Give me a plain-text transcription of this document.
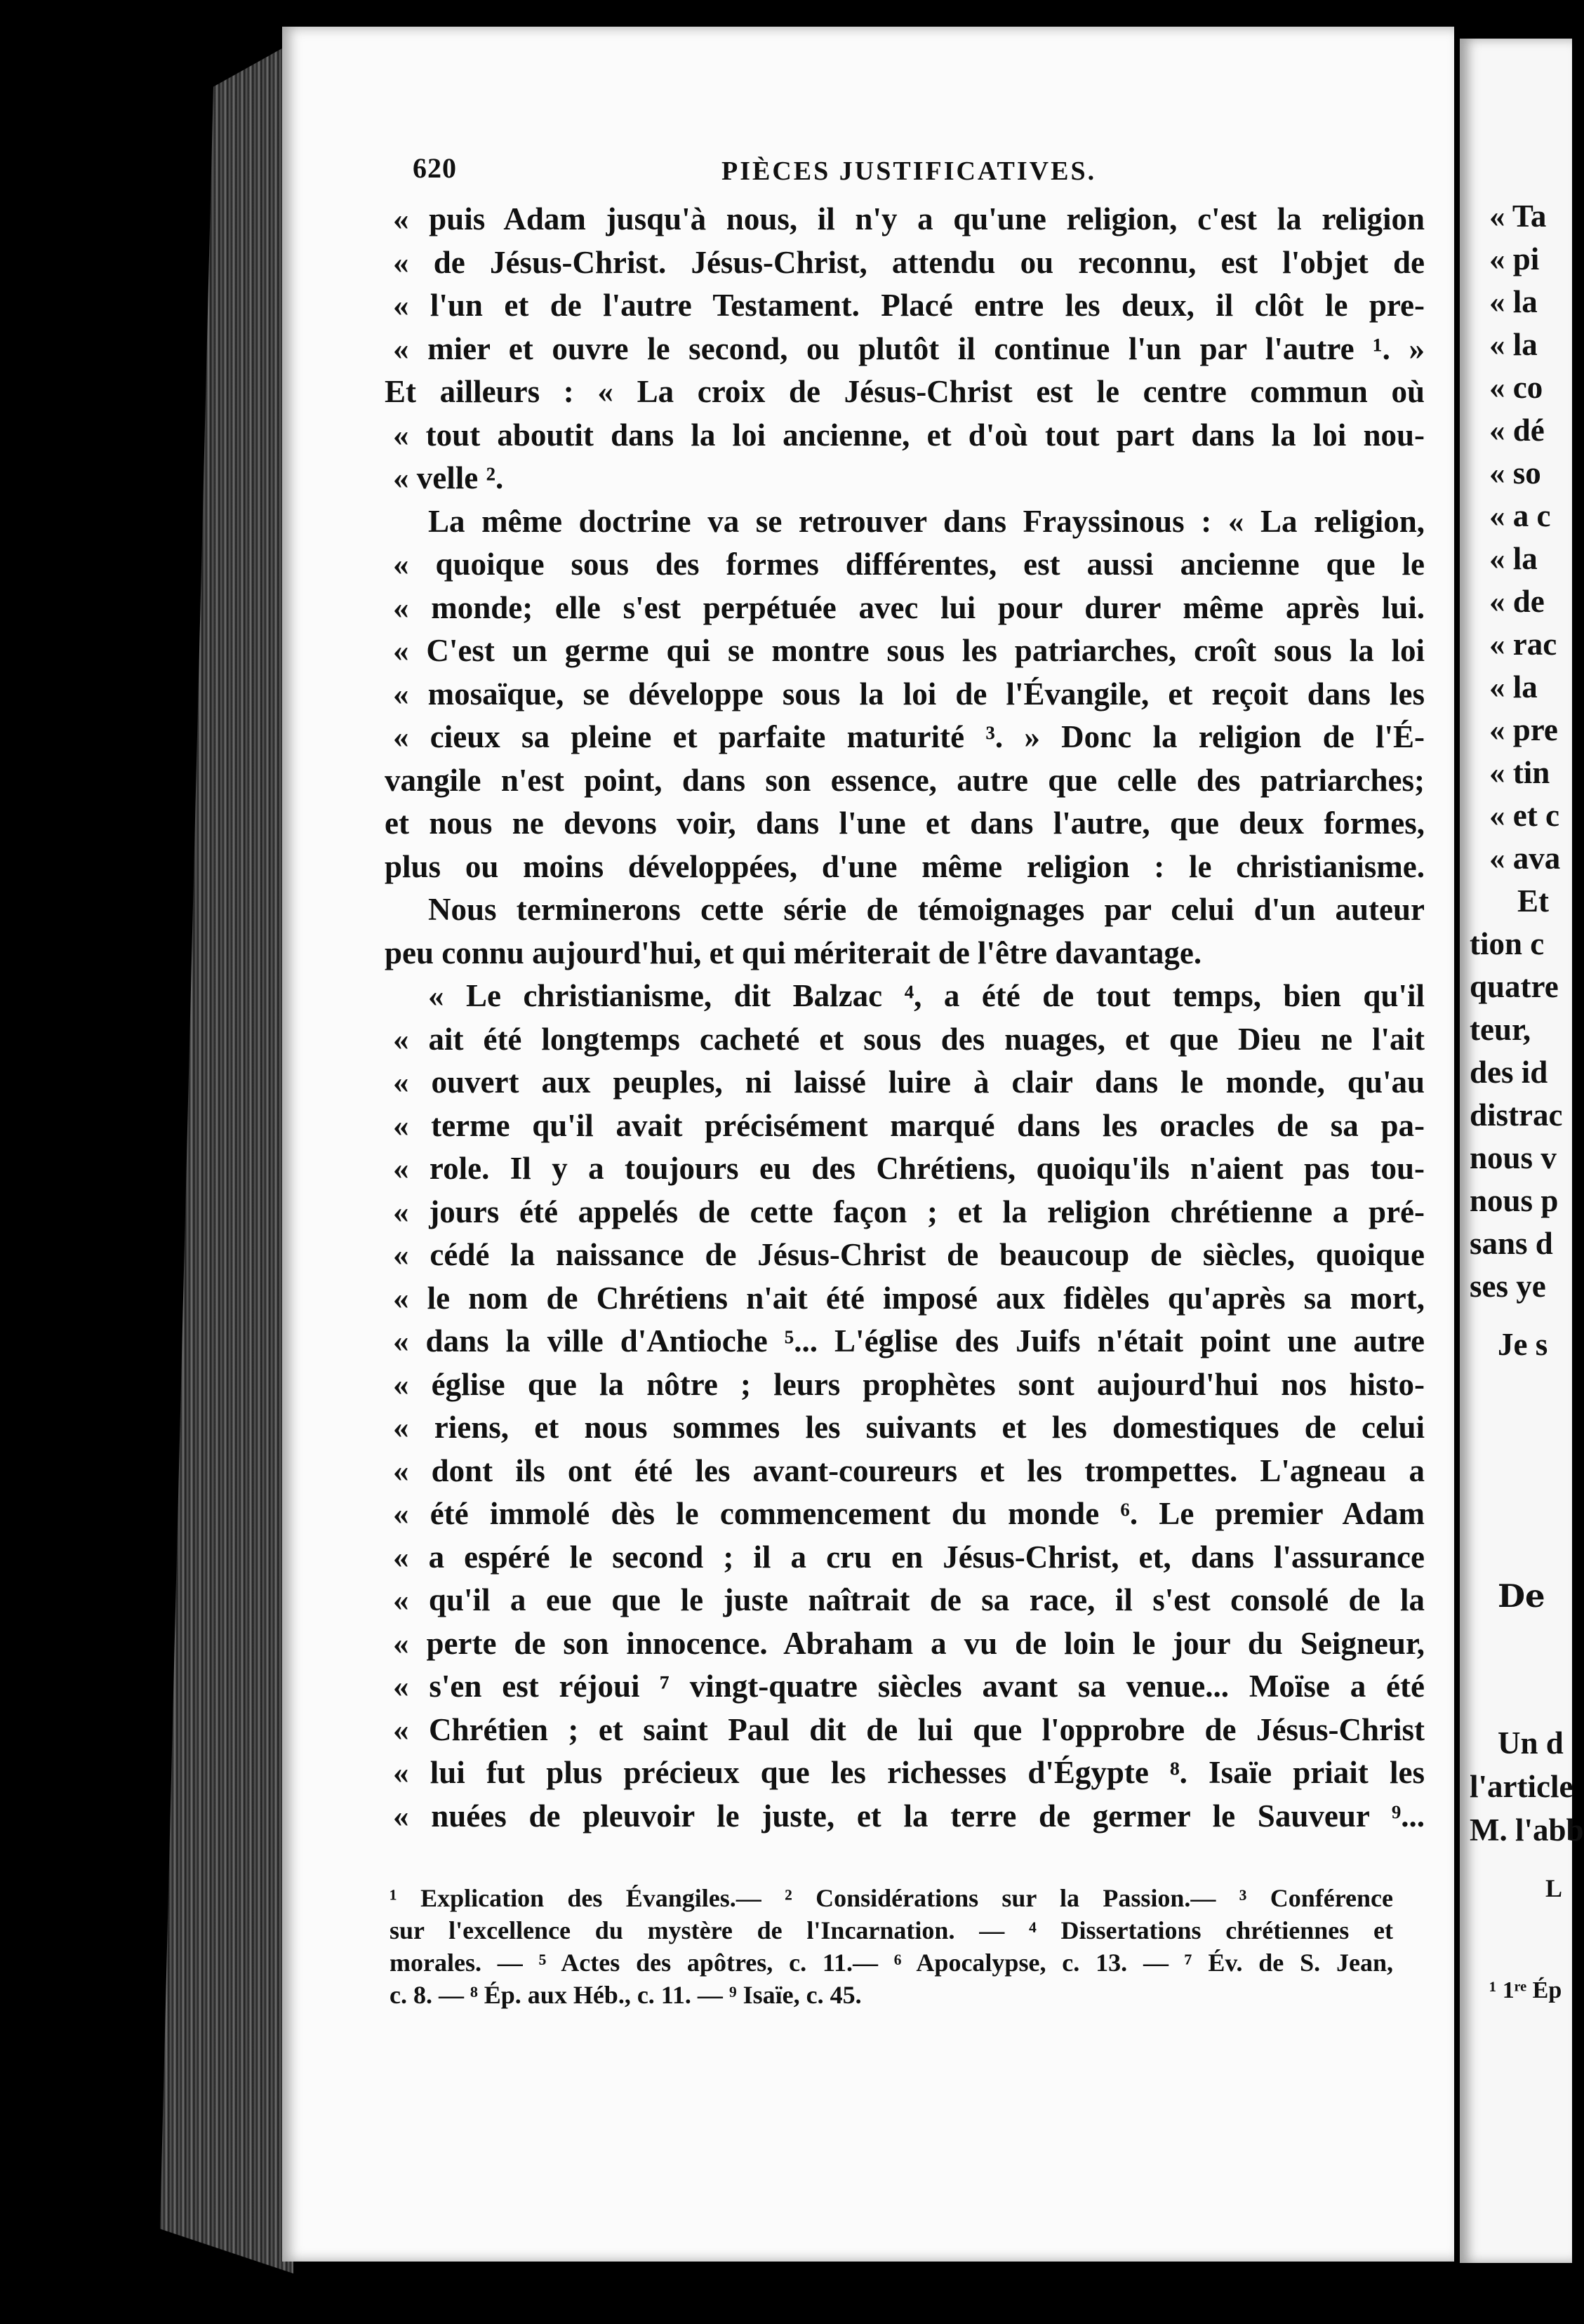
620	PIÈCES JUSTIFICATIVES.
« puis Adam jusqu'à nous, il n'y a qu'une religion, c'est la religion
« de Jésus-Christ. Jésus-Christ, attendu ou reconnu, est l'objet de
« l'un et de l'autre Testament. Placé entre les deux, il clôt le pre-
« mier et ouvre le second, ou plutôt il continue l'un par l'autre ¹. »
Et ailleurs : « La croix de Jésus-Christ est le centre commun où
« tout aboutit dans la loi ancienne, et d'où tout part dans la loi nou-
« velle ².
La même doctrine va se retrouver dans Frayssinous : « La religion,
« quoique sous des formes différentes, est aussi ancienne que le
« monde; elle s'est perpétuée avec lui pour durer même après lui.
« C'est un germe qui se montre sous les patriarches, croît sous la loi
« mosaïque, se développe sous la loi de l'Évangile, et reçoit dans les
« cieux sa pleine et parfaite maturité ³. » Donc la religion de l'É-
vangile n'est point, dans son essence, autre que celle des patriarches;
et nous ne devons voir, dans l'une et dans l'autre, que deux formes,
plus ou moins développées, d'une même religion : le christianisme.
Nous terminerons cette série de témoignages par celui d'un auteur
peu connu aujourd'hui, et qui mériterait de l'être davantage.
« Le christianisme, dit Balzac ⁴, a été de tout temps, bien qu'il
« ait été longtemps cacheté et sous des nuages, et que Dieu ne l'ait
« ouvert aux peuples, ni laissé luire à clair dans le monde, qu'au
« terme qu'il avait précisément marqué dans les oracles de sa pa-
« role. Il y a toujours eu des Chrétiens, quoiqu'ils n'aient pas tou-
« jours été appelés de cette façon ; et la religion chrétienne a pré-
« cédé la naissance de Jésus-Christ de beaucoup de siècles, quoique
« le nom de Chrétiens n'ait été imposé aux fidèles qu'après sa mort,
« dans la ville d'Antioche ⁵... L'église des Juifs n'était point une autre
« église que la nôtre ; leurs prophètes sont aujourd'hui nos histo-
« riens, et nous sommes les suivants et les domestiques de celui
« dont ils ont été les avant-coureurs et les trompettes. L'agneau a
« été immolé dès le commencement du monde ⁶. Le premier Adam
« a espéré le second ; il a cru en Jésus-Christ, et, dans l'assurance
« qu'il a eue que le juste naîtrait de sa race, il s'est consolé de la
« perte de son innocence. Abraham a vu de loin le jour du Seigneur,
« s'en est réjoui ⁷ vingt-quatre siècles avant sa venue... Moïse a été
« Chrétien ; et saint Paul dit de lui que l'opprobre de Jésus-Christ
« lui fut plus précieux que les richesses d'Égypte ⁸. Isaïe priait les
« nuées de pleuvoir le juste, et la terre de germer le Sauveur ⁹...
¹ Explication des Évangiles.— ² Considérations sur la Passion.— ³ Conférence
sur l'excellence du mystère de l'Incarnation. — ⁴ Dissertations chrétiennes et
morales. — ⁵ Actes des apôtres, c. 11.— ⁶ Apocalypse, c. 13. — ⁷ Év. de S. Jean,
c. 8. — ⁸ Ép. aux Héb., c. 11. — ⁹ Isaïe, c. 45.
« Ta
« pi
« la
« la
« co
« dé
« so
« a c
« la
« de
« rac
« la
« pre
« tin
« et c
« ava
Et
tion c
quatre
teur,
des id
distrac
nous v
nous p
sans d
ses ye
Je s
De
Un d
l'article
M. l'abb
L
¹ 1ʳᵉ Ép
